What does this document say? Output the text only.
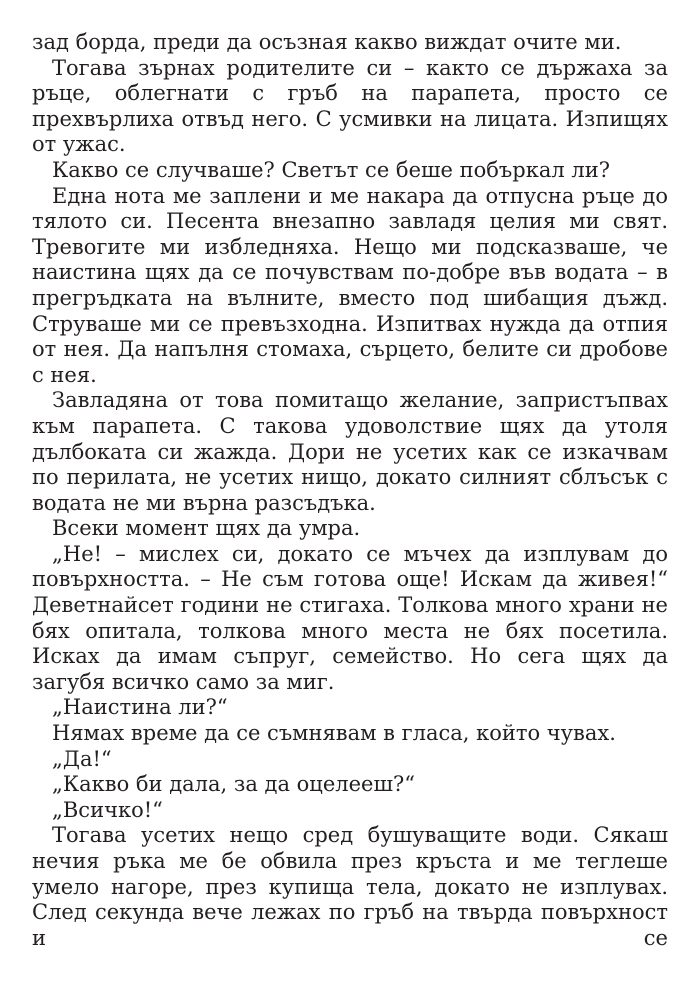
зад борда, преди да осъзная какво виждат очите ми.

Тогава зърнах родителите си – както се държаха за ръце, облегнати с гръб на парапета, просто се прехвърлиха отвъд него. С усмивки на лицата. Изпищях от ужас.

Какво се случваше? Светът се беше побъркал ли?

Една нота ме заплени и ме накара да отпусна ръце до тялото си. Песента внезапно завладя целия ми свят. Тревогите ми избледняха. Нещо ми подсказваше, че наистина щях да се почувствам по-добре във водата – в прегръдката на вълните, вместо под шибащия дъжд. Струваше ми се превъзходна. Изпитвах нужда да отпия от нея. Да напълня стомаха, сърцето, белите си дробове с нея.

Завладяна от това помитащо желание, запристъпвах към парапета. С такова удоволствие щях да утоля дълбоката си жажда. Дори не усетих как се изкачвам по перилата, не усетих нищо, докато силният сблъсък с водата не ми върна разсъдъка.

Всеки момент щях да умра.

„Не! – мислех си, докато се мъчех да изплувам до повърхността. – Не съм готова още! Искам да живея!“ Деветнайсет години не стигаха. Толкова много храни не бях опитала, толкова много места не бях посетила. Исках да имам съпруг, семейство. Но сега щях да загубя всичко само за миг.

„Наистина ли?“

Нямах време да се съмнявам в гласа, който чувах.

„Да!“

„Какво би дала, за да оцелееш?“

„Всичко!“

Тогава усетих нещо сред бушуващите води. Сякаш нечия ръка ме бе обвила през кръста и ме теглеше умело нагоре, през купища тела, докато не изплувах. След секунда вече лежах по гръб на твърда повърхност и се
